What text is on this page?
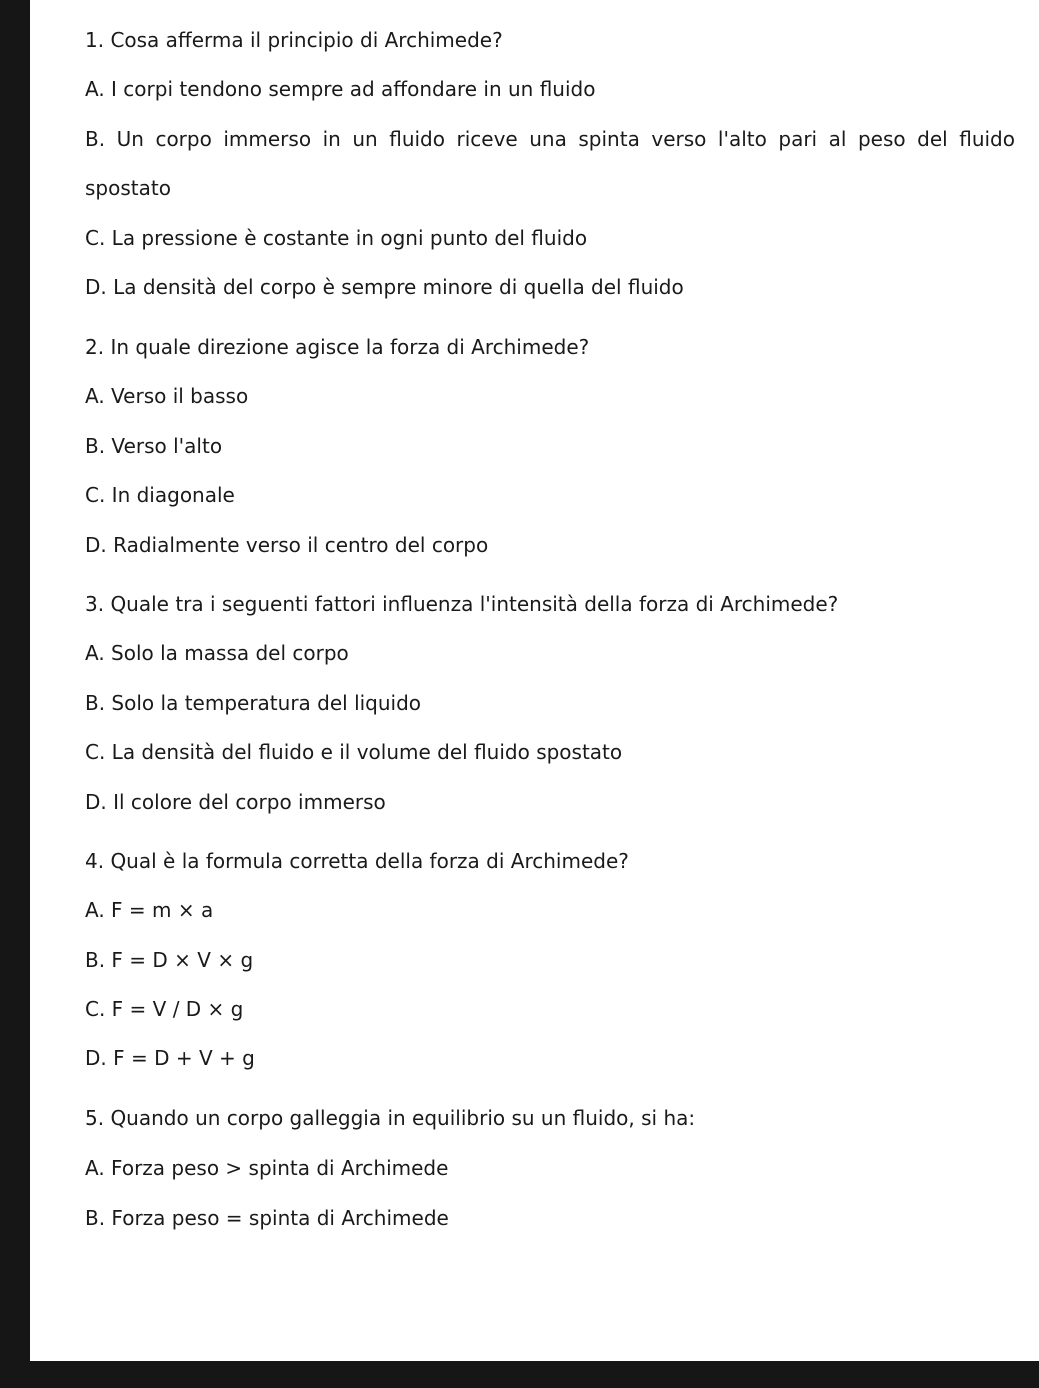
1. Cosa afferma il principio di Archimede?
A. I corpi tendono sempre ad affondare in un fluido
B. Un corpo immerso in un fluido riceve una spinta verso l'alto pari al peso del fluido
spostato
C. La pressione è costante in ogni punto del fluido
D. La densità del corpo è sempre minore di quella del fluido
2. In quale direzione agisce la forza di Archimede?
A. Verso il basso
B. Verso l'alto
C. In diagonale
D. Radialmente verso il centro del corpo
3. Quale tra i seguenti fattori influenza l'intensità della forza di Archimede?
A. Solo la massa del corpo
B. Solo la temperatura del liquido
C. La densità del fluido e il volume del fluido spostato
D. Il colore del corpo immerso
4. Qual è la formula corretta della forza di Archimede?
A. F = m × a
B. F = D × V × g
C. F = V / D × g
D. F = D + V + g
5. Quando un corpo galleggia in equilibrio su un fluido, si ha:
A. Forza peso > spinta di Archimede
B. Forza peso = spinta di Archimede
